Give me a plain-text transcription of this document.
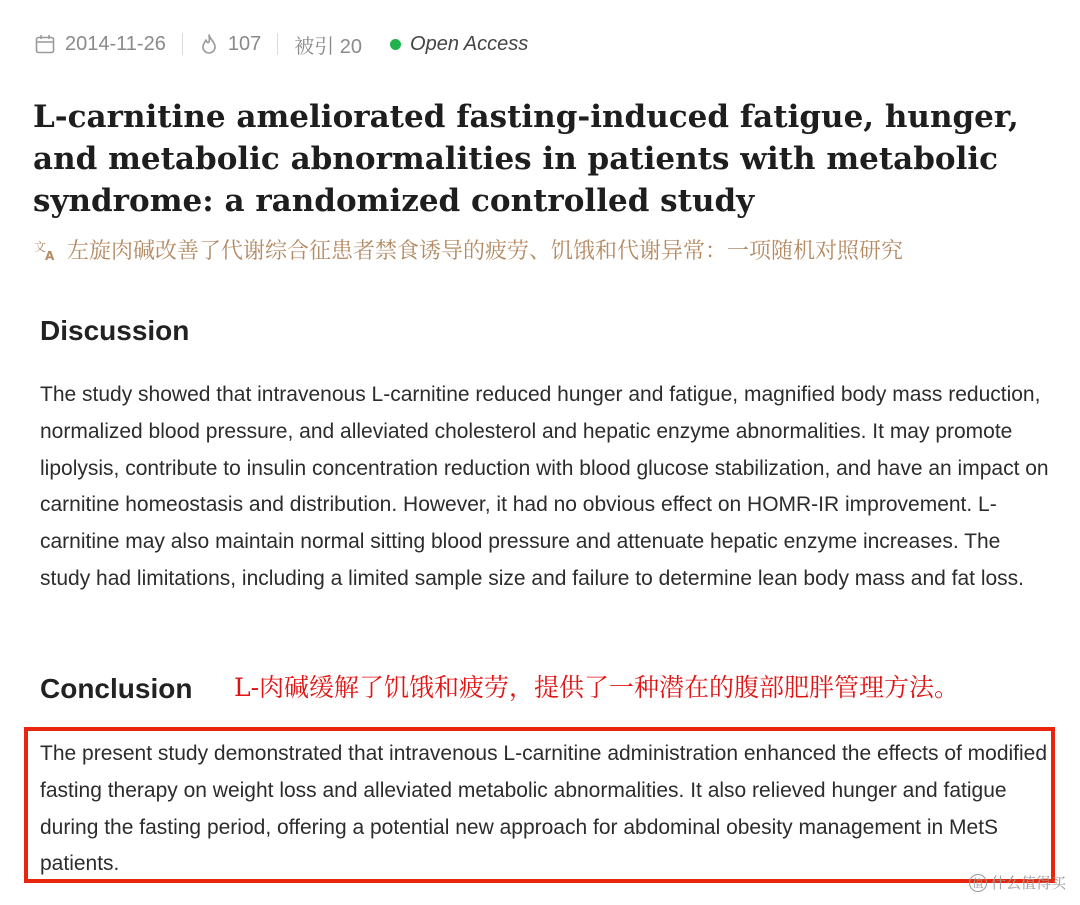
2014-11-26	107 被引 20 Open Access
L-carnitine ameliorated fasting-induced fatigue, hunger, and metabolic abnormalities in patients with metabolic syndrome: a randomized controlled study
文
A 左旋肉碱改善了代谢综合征患者禁食诱导的疲劳、饥饿和代谢异常：一项随机对照研究
Discussion

The study showed that intravenous L-carnitine reduced hunger and fatigue, magnified body mass reduction, normalized blood pressure, and alleviated cholesterol and hepatic enzyme abnormalities. It may promote lipolysis, contribute to insulin concentration reduction with blood glucose stabilization, and have an impact on carnitine homeostasis and distribution. However, it had no obvious effect on HOMR-IR improvement. L-carnitine may also maintain normal sitting blood pressure and attenuate hepatic enzyme increases. The study had limitations, including a limited sample size and failure to determine lean body mass and fat loss.

Conclusion L-肉碱缓解了饥饿和疲劳，提供了一种潜在的腹部肥胖管理方法。

The present study demonstrated that intravenous L-carnitine administration enhanced the effects of modified fasting therapy on weight loss and alleviated metabolic abnormalities. It also relieved hunger and fatigue during the fasting period, offering a potential new approach for abdominal obesity management in MetS patients.

值 什么值得买
